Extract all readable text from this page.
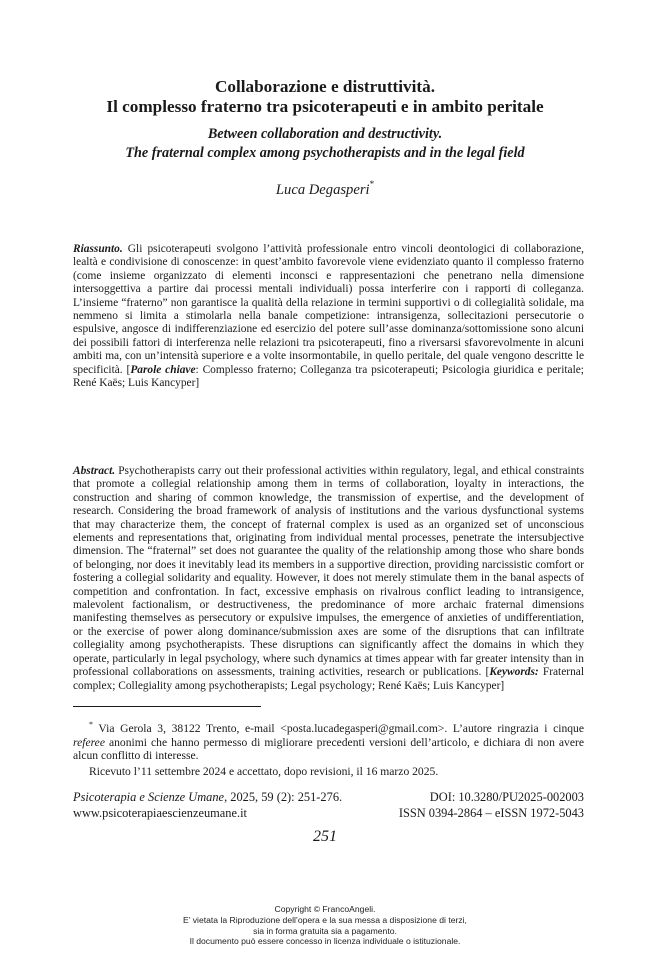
Collaborazione e distruttività.
Il complesso fraterno tra psicoterapeuti e in ambito peritale
Between collaboration and destructivity.
The fraternal complex among psychotherapists and in the legal field
Luca Degasperi*

Riassunto. Gli psicoterapeuti svolgono l’attività professionale entro vincoli deontologici di collaborazione, lealtà e condivisione di conoscenze: in quest’ambito favorevole viene evidenziato quanto il complesso fraterno (come insieme organizzato di elementi inconsci e rappresentazioni che penetrano nella dimensione intersoggettiva a partire dai processi mentali individuali) possa interferire con i rapporti di colleganza. L’insieme “fraterno” non garantisce la qualità della relazione in termini supportivi o di collegialità solidale, ma nemmeno si limita a stimolarla nella banale competizione: intransigenza, sollecitazioni persecutorie o espulsive, angosce di indifferenziazione ed esercizio del potere sull’asse dominanza/sottomissione sono alcuni dei possibili fattori di interferenza nelle relazioni tra psicoterapeuti, fino a riversarsi sfavorevolmente in alcuni ambiti ma, con un’intensità superiore e a volte insormontabile, in quello peritale, del quale vengono descritte le specificità. [Parole chiave: Complesso fraterno; Colleganza tra psicoterapeuti; Psicologia giuridica e peritale; René Kaës; Luis Kancyper]

Abstract. Psychotherapists carry out their professional activities within regulatory, legal, and ethical constraints that promote a collegial relationship among them in terms of collaboration, loyalty in interactions, the construction and sharing of common knowledge, the transmission of expertise, and the development of research. Considering the broad framework of analysis of institutions and the various dysfunctional systems that may characterize them, the concept of fraternal complex is used as an organized set of unconscious elements and representations that, originating from individual mental processes, penetrate the intersubjective dimension. The “fraternal” set does not guarantee the quality of the relationship among those who share bonds of belonging, nor does it inevitably lead its members in a supportive direction, providing narcissistic comfort or fostering a collegial solidarity and equality. However, it does not merely stimulate them in the banal aspects of competition and confrontation. In fact, excessive emphasis on rivalrous conflict leading to intransigence, malevolent factionalism, or destructiveness, the predominance of more archaic fraternal dimensions manifesting themselves as persecutory or expulsive impulses, the emergence of anxieties of undifferentiation, or the exercise of power along dominance/submission axes are some of the disruptions that can infiltrate collegiality among psychotherapists. These disruptions can significantly affect the domains in which they operate, particularly in legal psychology, where such dynamics at times appear with far greater intensity than in professional collaborations on assessments, training activities, research or publications. [Keywords: Fraternal complex; Collegiality among psychotherapists; Legal psychology; René Kaës; Luis Kancyper]

* Via Gerola 3, 38122 Trento, e-mail <posta.lucadegasperi@gmail.com>. L’autore ringrazia i cinque referee anonimi che hanno permesso di migliorare precedenti versioni dell’articolo, e dichiara di non avere alcun conflitto di interesse.
Ricevuto l’11 settembre 2024 e accettato, dopo revisioni, il 16 marzo 2025.
Psicoterapia e Scienze Umane, 2025, 59 (2): 251-276.	DOI: 10.3280/PU2025-002003
www.psicoterapiaescienzeumane.it	ISSN 0394-2864 – eISSN 1972-5043
251
Copyright © FrancoAngeli.
E’ vietata la Riproduzione dell’opera e la sua messa a disposizione di terzi,
sia in forma gratuita sia a pagamento.
Il documento può essere concesso in licenza individuale o istituzionale.
